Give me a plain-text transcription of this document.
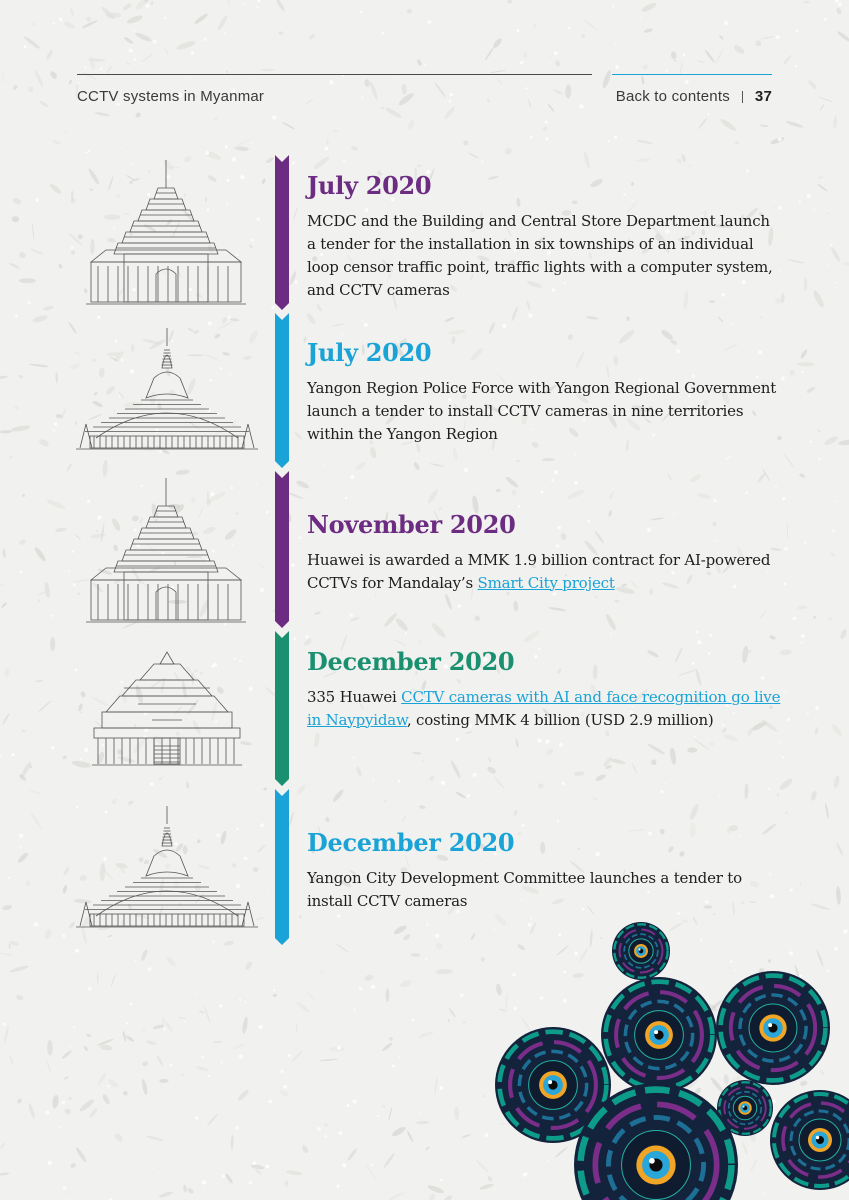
CCTV systems in Myanmar	Back to contents 37
July 2020

MCDC and the Building and Central Store Department launch a tender for the installation in six townships of an individual loop censor traffic point, traffic lights with a computer system, and CCTV cameras

July 2020

Yangon Region Police Force with Yangon Regional Government launch a tender to install CCTV cameras in nine territories within the Yangon Region

November 2020

Huawei is awarded a MMK 1.9 billion contract for AI-powered CCTVs for Mandalay’s Smart City project

December 2020

335 Huawei CCTV cameras with AI and face recognition go live in Naypyidaw, costing MMK 4 billion (USD 2.9 million)

December 2020

Yangon City Development Committee launches a tender to install CCTV cameras
